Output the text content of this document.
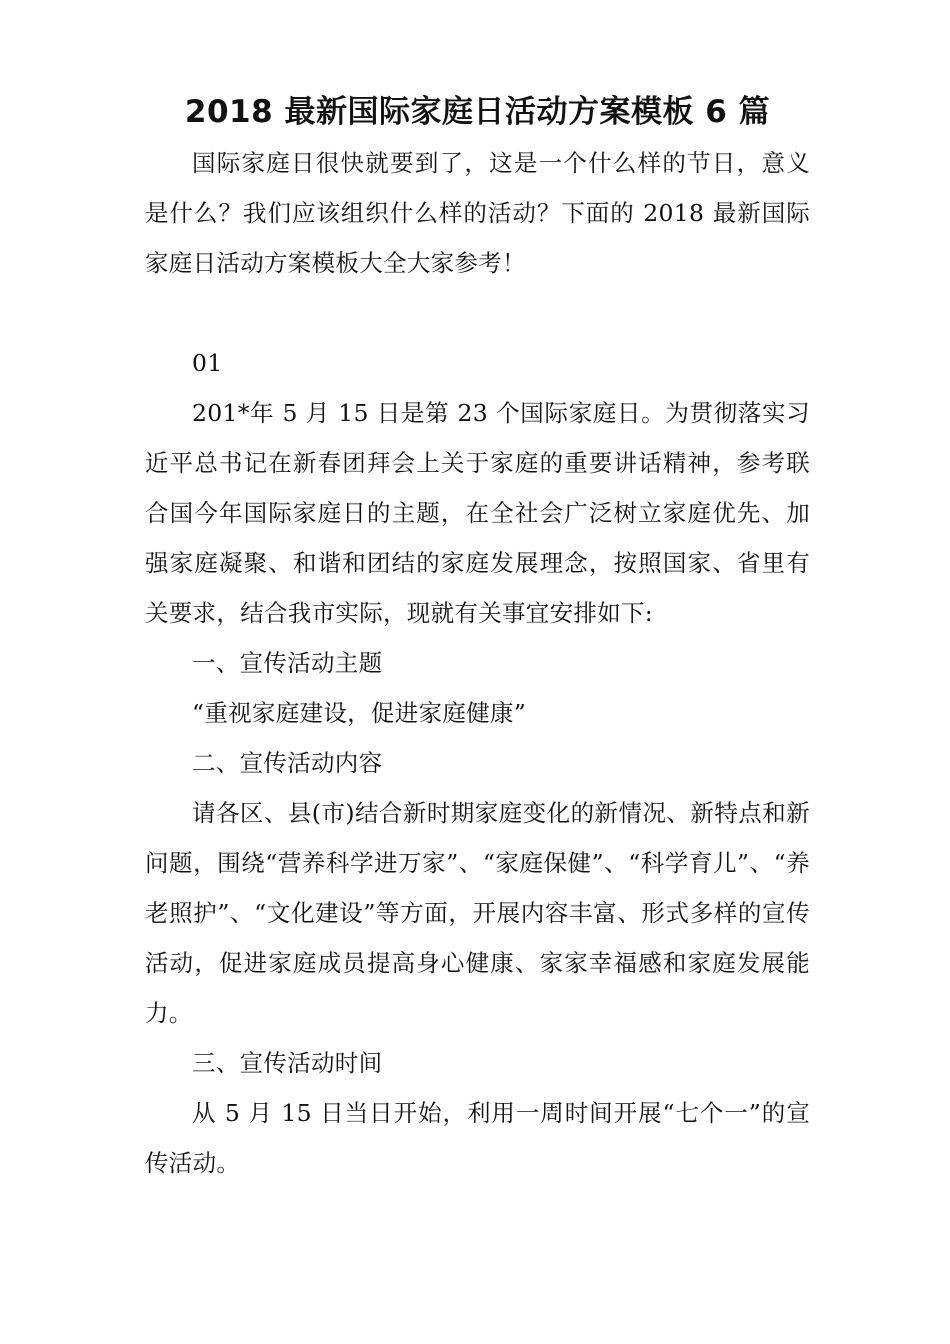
2018 最新国际家庭日活动方案模板 6 篇

国际家庭日很快就要到了，这是一个什么样的节日，意义是什么？我们应该组织什么样的活动？下面的 2018 最新国际家庭日活动方案模板大全大家参考！

01

201*年 5 月 15 日是第 23 个国际家庭日。为贯彻落实习近平总书记在新春团拜会上关于家庭的重要讲话精神，参考联合国今年国际家庭日的主题，在全社会广泛树立家庭优先、加强家庭凝聚、和谐和团结的家庭发展理念，按照国家、省里有关要求，结合我市实际，现就有关事宜安排如下:

一、宣传活动主题

“重视家庭建设，促进家庭健康”

二、宣传活动内容

请各区、县(市)结合新时期家庭变化的新情况、新特点和新问题，围绕“营养科学进万家”、“家庭保健”、“科学育儿”、“养老照护”、“文化建设”等方面，开展内容丰富、形式多样的宣传活动，促进家庭成员提高身心健康、家家幸福感和家庭发展能力。

三、宣传活动时间

从 5 月 15 日当日开始，利用一周时间开展“七个一”的宣传活动。
